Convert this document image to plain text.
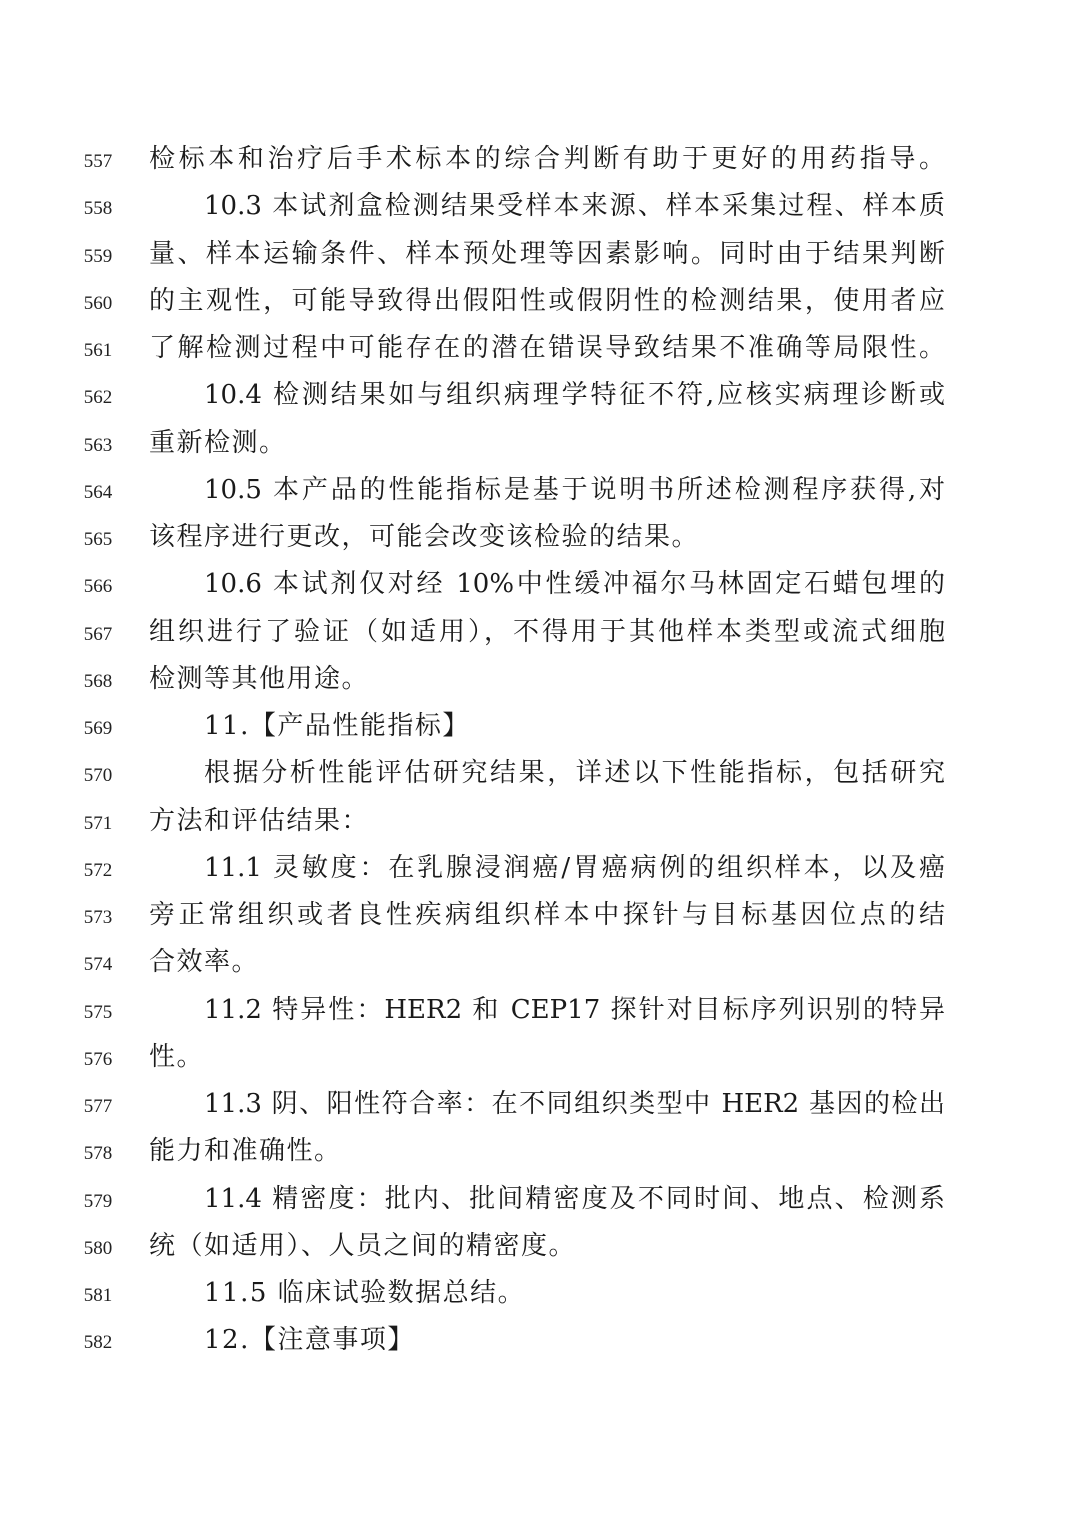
557	检标本和治疗后手术标本的综合判断有助于更好的用药指导。
558	10.3 本试剂盒检测结果受样本来源、样本采集过程、样本质
559	量、样本运输条件、样本预处理等因素影响。同时由于结果判断
560	的主观性，可能导致得出假阳性或假阴性的检测结果，使用者应
561	了解检测过程中可能存在的潜在错误导致结果不准确等局限性。
562	10.4 检测结果如与组织病理学特征不符,应核实病理诊断或
563	重新检测。
564	10.5 本产品的性能指标是基于说明书所述检测程序获得,对
565	该程序进行更改，可能会改变该检验的结果。
566	10.6 本试剂仅对经 10%中性缓冲福尔马林固定石蜡包埋的
567	组织进行了验证（如适用），不得用于其他样本类型或流式细胞
568	检测等其他用途。
569	11.【产品性能指标】
570	根据分析性能评估研究结果，详述以下性能指标，包括研究
571	方法和评估结果：
572	11.1 灵敏度：在乳腺浸润癌/胃癌病例的组织样本，以及癌
573	旁正常组织或者良性疾病组织样本中探针与目标基因位点的结
574	合效率。
575	11.2 特异性：HER2 和 CEP17 探针对目标序列识别的特异
576	性。
577	11.3 阴、阳性符合率：在不同组织类型中 HER2 基因的检出
578	能力和准确性。
579	11.4 精密度：批内、批间精密度及不同时间、地点、检测系
580	统（如适用）、人员之间的精密度。
581	11.5 临床试验数据总结。
582	12.【注意事项】
